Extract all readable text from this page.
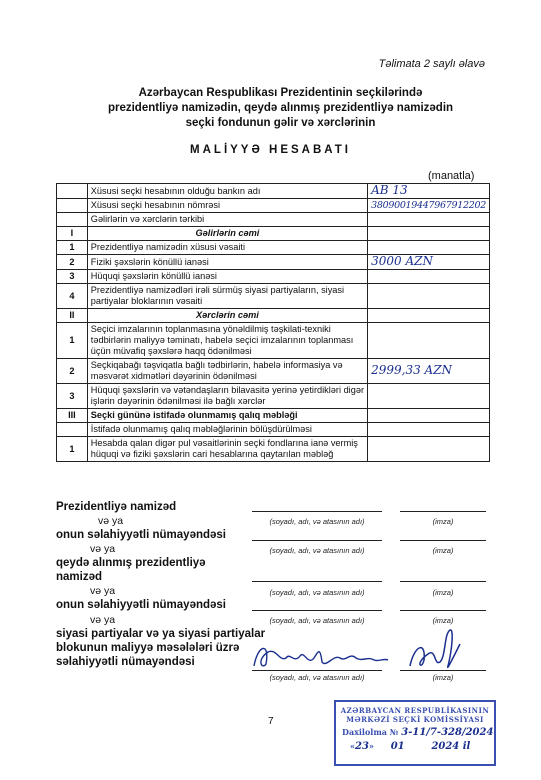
Təlimata 2 saylı əlavə
Azərbaycan Respublikası Prezidentinin seçkilərində
prezidentliyə namizədin, qeydə alınmış prezidentliyə namizədin
seçki fondunun gəlir və xərclərinin
MALİYYƏ HESABATI
(manatla)
	Xüsusi seçki hesabının olduğu bankın adı	AB 13
	Xüsusi seçki hesabının nömrəsi	38090019447967912202
	Gəlirlərin və xərclərin tərkibi	
I	Gəlirlərin cəmi	
1	Prezidentliyə namizədin xüsusi vəsaiti	
2	Fiziki şəxslərin könüllü ianəsi	3000 AZN
3	Hüquqi şəxslərin könüllü ianəsi	
4	Prezidentliyə namizədləri irəli sürmüş siyasi partiyaların, siyasi partiyalar bloklarının vəsaiti	
II	Xərclərin cəmi	
1	Seçici imzalarının toplanmasına yönəldilmiş təşkilati-texniki tədbirlərin maliyyə təminatı, habelə seçici imzalarının toplanması üçün müvafiq şəxslərə haqq ödənilməsi	
2	Seçkiqabağı təşviqatla bağlı tədbirlərin, habelə informasiya və məsvərət xidmətləri dəyərinin ödənilməsi	2999,33 AZN
3	Hüquqi şəxslərin və vətəndaşların bilavasitə yerinə yetirdikləri digər işlərin dəyərinin ödənilməsi ilə bağlı xərclər	
III	Seçki gününə istifadə olunmamış qalıq məbləği	
	İstifadə olunmamış qalıq məbləğlərinin bölüşdürülməsi	
1	Hesabda qalan digər pul vəsaitlərinin seçki fondlarına ianə vermiş hüquqi və fiziki şəxslərin cari hesablarına qaytarılan məbləğ	
Prezidentliyə namizəd
və ya
onun səlahiyyətli nümayəndəsi
(soyadı, adı, və atasının adı)	(imza)
və ya	(soyadı, adı, və atasının adı)	(imza)
qeydə alınmış prezidentliyə namizəd
və ya	(soyadı, adı, və atasının adı)	(imza)
onun səlahiyyətli nümayəndəsi
və ya	(soyadı, adı, və atasının adı)	(imza)
siyasi partiyalar və ya siyasi partiyalar blokunun maliyyə məsələləri üzrə səlahiyyətli nümayəndəsi
(soyadı, adı, və atasının adı)	(imza)
7
AZƏRBAYCAN RESPUBLİKASININ
MƏRKƏZİ SEÇKİ KOMİSSİYASI
Daxilolma № 3-11/7-328/2024
«23» 01	2024 il
